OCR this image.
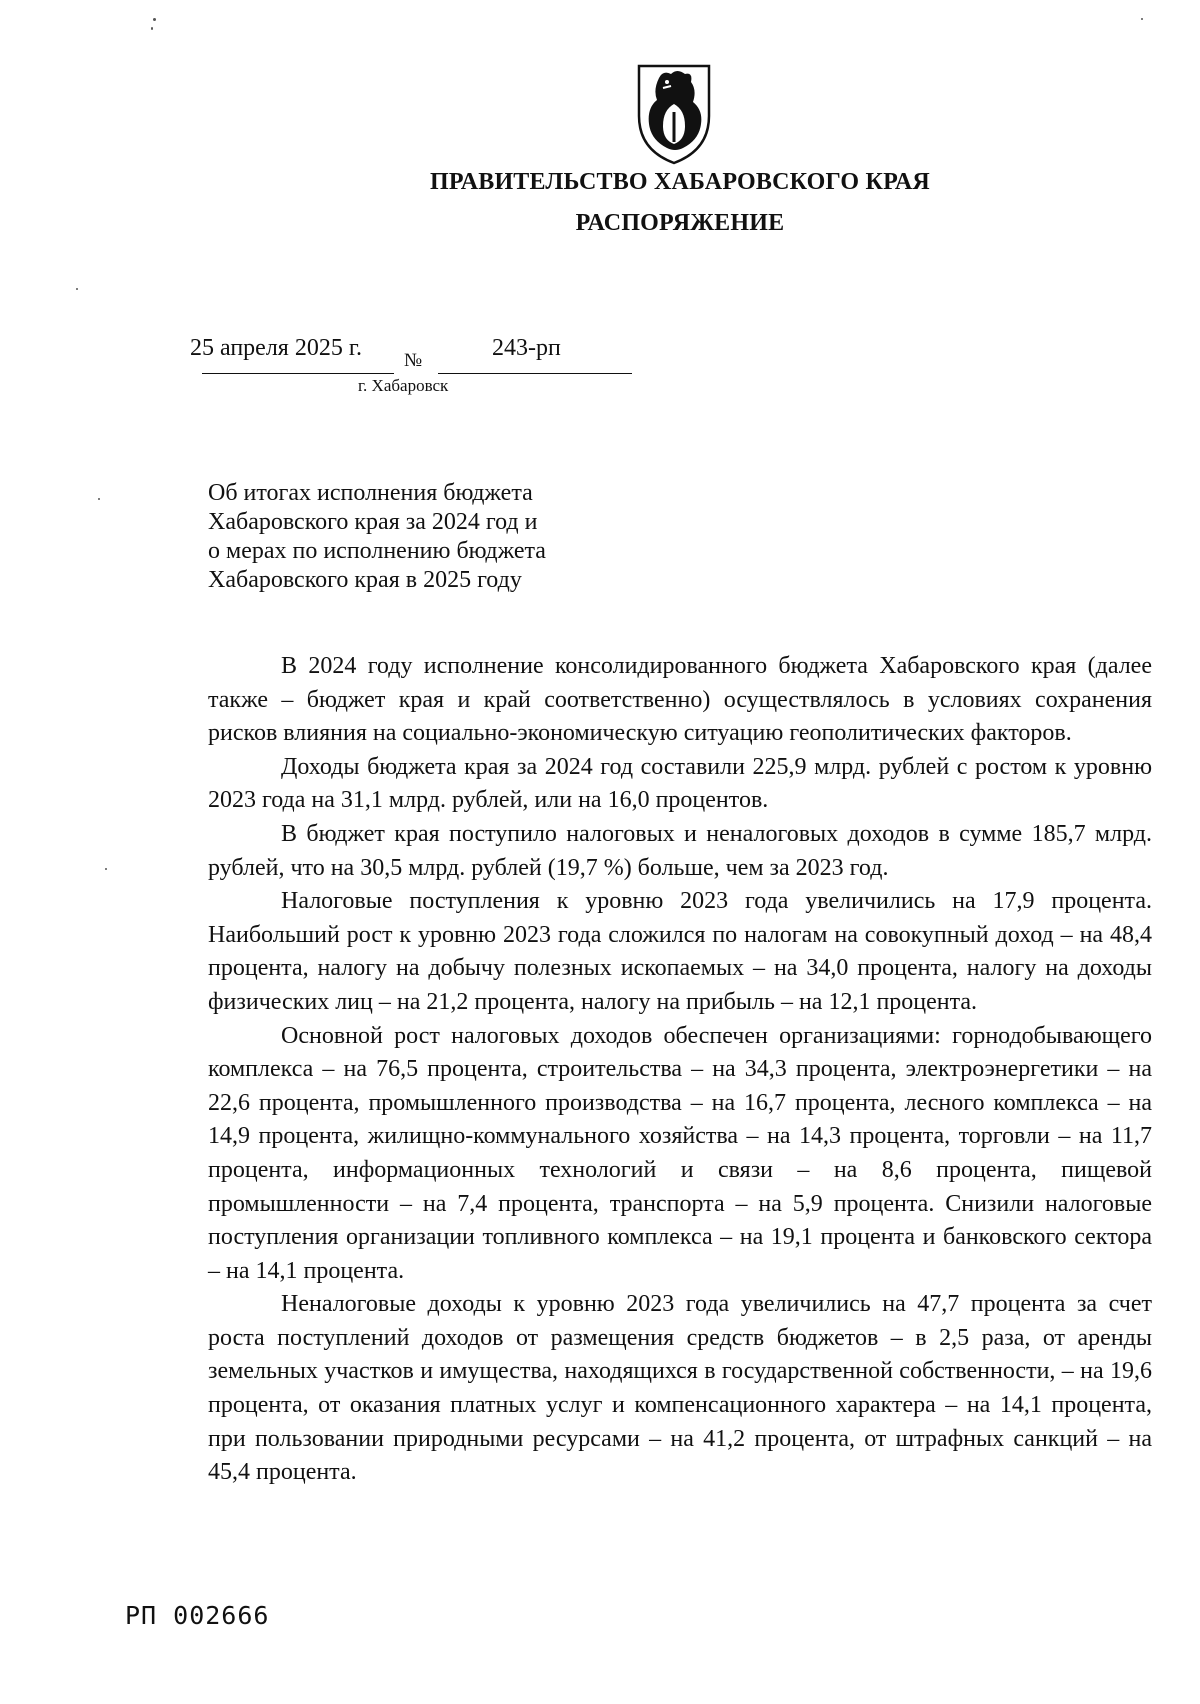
ПРАВИТЕЛЬСТВО ХАБАРОВСКОГО КРАЯ
РАСПОРЯЖЕНИЕ
25 апреля 2025 г. №	243-рп
г. Хабаровск
Об итогах исполнения бюджета
Хабаровского края за 2024 год и
о мерах по исполнению бюджета
Хабаровского края в 2025 году

В 2024 году исполнение консолидированного бюджета Хабаровского края (далее также – бюджет края и край соответственно) осуществлялось в условиях сохранения рисков влияния на социально-экономическую ситуацию геополитических факторов.

Доходы бюджета края за 2024 год составили 225,9 млрд. рублей с ростом к уровню 2023 года на 31,1 млрд. рублей, или на 16,0 процентов.

В бюджет края поступило налоговых и неналоговых доходов в сумме 185,7 млрд. рублей, что на 30,5 млрд. рублей (19,7 %) больше, чем за 2023 год.

Налоговые поступления к уровню 2023 года увеличились на 17,9 процента. Наибольший рост к уровню 2023 года сложился по налогам на совокупный доход – на 48,4 процента, налогу на добычу полезных ископаемых – на 34,0 процента, налогу на доходы физических лиц – на 21,2 процента, налогу на прибыль – на 12,1 процента.

Основной рост налоговых доходов обеспечен организациями: горнодобывающего комплекса – на 76,5 процента, строительства – на 34,3 процента, электроэнергетики – на 22,6 процента, промышленного производства – на 16,7 процента, лесного комплекса – на 14,9 процента, жилищно-коммунального хозяйства – на 14,3 процента, торговли – на 11,7 процента, информационных технологий и связи – на 8,6 процента, пищевой промышленности – на 7,4 процента, транспорта – на 5,9 процента. Снизили налоговые поступления организации топливного комплекса – на 19,1 процента и банковского сектора – на 14,1 процента.

Неналоговые доходы к уровню 2023 года увеличились на 47,7 процента за счет роста поступлений доходов от размещения средств бюджетов – в 2,5 раза, от аренды земельных участков и имущества, находящихся в государственной собственности, – на 19,6 процента, от оказания платных услуг и компенсационного характера – на 14,1 процента, при пользовании природными ресурсами – на 41,2 процента, от штрафных санкций – на 45,4 процента.

РП 002666
